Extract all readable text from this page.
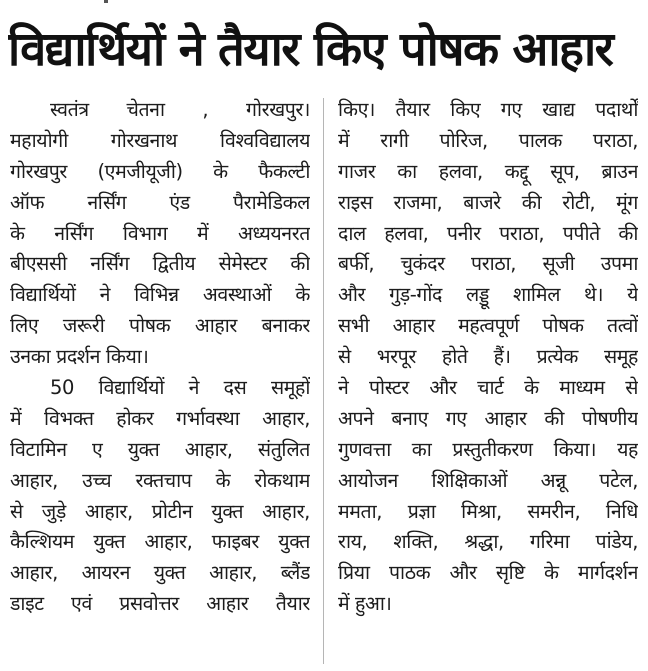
विद्यार्थियों ने तैयार किए पोषक आहार
स्वतंत्र चेतना , गोरखपुर।
महायोगी गोरखनाथ विश्वविद्यालय
गोरखपुर (एमजीयूजी) के फैकल्टी
ऑफ नर्सिंग एंड पैरामेडिकल
के नर्सिंग विभाग में अध्ययनरत
बीएससी नर्सिंग द्वितीय सेमेस्टर की
विद्यार्थियों ने विभिन्न अवस्थाओं के
लिए जरूरी पोषक आहार बनाकर
उनका प्रदर्शन किया।
50 विद्यार्थियों ने दस समूहों
में विभक्त होकर गर्भावस्था आहार,
विटामिन ए युक्त आहार, संतुलित
आहार, उच्च रक्तचाप के रोकथाम
से जुड़े आहार, प्रोटीन युक्त आहार,
कैल्शियम युक्त आहार, फाइबर युक्त
आहार, आयरन युक्त आहार, ब्लैंड
डाइट एवं प्रसवोत्तर आहार तैयार
किए। तैयार किए गए खाद्य पदार्थों
में रागी पोरिज, पालक पराठा,
गाजर का हलवा, कद्दू सूप, ब्राउन
राइस राजमा, बाजरे की रोटी, मूंग
दाल हलवा, पनीर पराठा, पपीते की
बर्फी, चुकंदर पराठा, सूजी उपमा
और गुड़-गोंद लड्डू शामिल थे। ये
सभी आहार महत्वपूर्ण पोषक तत्वों
से भरपूर होते हैं। प्रत्येक समूह
ने पोस्टर और चार्ट के माध्यम से
अपने बनाए गए आहार की पोषणीय
गुणवत्ता का प्रस्तुतीकरण किया। यह
आयोजन शिक्षिकाओं अन्नू पटेल,
ममता, प्रज्ञा मिश्रा, समरीन, निधि
राय, शक्ति, श्रद्धा, गरिमा पांडेय,
प्रिया पाठक और सृष्टि के मार्गदर्शन
में हुआ।
